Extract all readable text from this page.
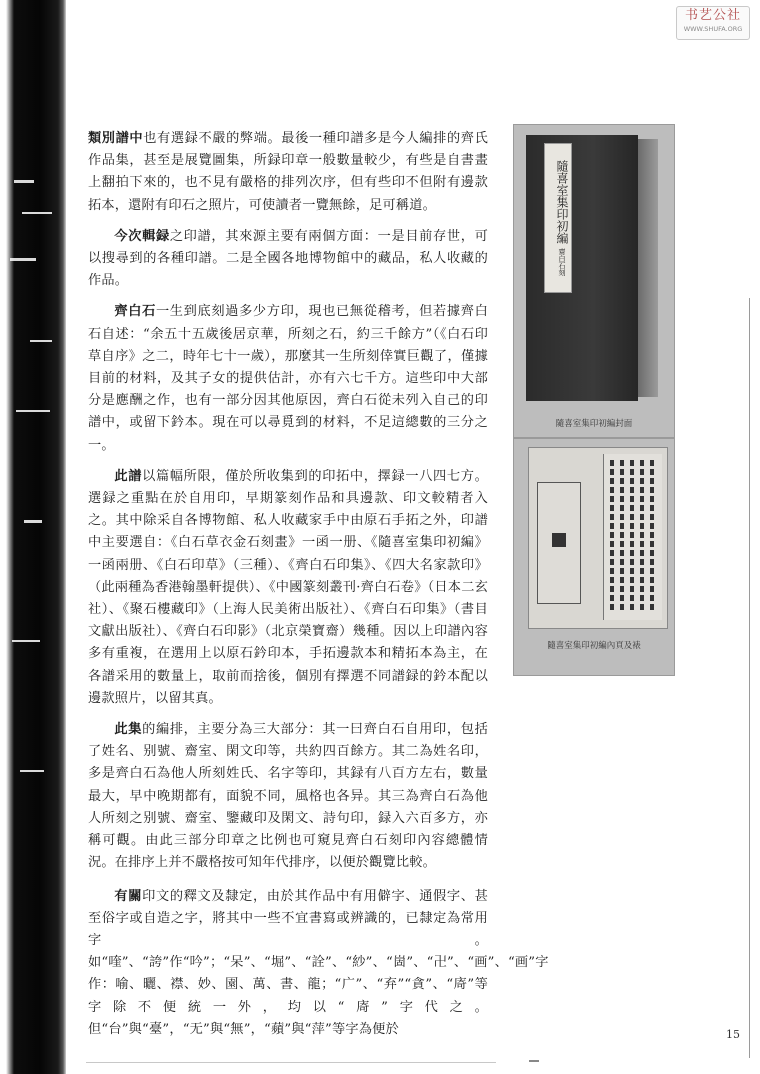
书艺公社
WWW.SHUFA.ORG

類別譜中也有選録不嚴的弊端。最後一種印譜多是今人編排的齊氏作品集，甚至是展覽圖集，所録印章一般數量較少，有些是自書畫上翻拍下來的，也不見有嚴格的排列次序，但有些印不但附有邊款拓本，還附有印石之照片，可使讀者一覽無餘，足可稱道。

今次輯録之印譜，其來源主要有兩個方面：一是目前存世，可以搜尋到的各種印譜。二是全國各地博物館中的藏品，私人收藏的作品。

齊白石一生到底刻過多少方印，現也已無從稽考，但若據齊白石自述：“余五十五歲後居京華，所刻之石，約三千餘方”（《白石印草自序》之二，時年七十一歲），那麼其一生所刻倖實巨觀了，僅據目前的材料，及其子女的提供估計，亦有六七千方。這些印中大部分是應酬之作，也有一部分因其他原因，齊白石從未列入自己的印譜中，或留下鈐本。現在可以尋覓到的材料，不足這總數的三分之一。

此譜以篇幅所限，僅於所收集到的印拓中，擇録一八四七方。選録之重點在於自用印，早期篆刻作品和具邊款、印文較精者入之。其中除采自各博物館、私人收藏家手中由原石手拓之外，印譜中主要選自：《白石草衣金石刻畫》一函一册、《隨喜室集印初編》一函兩册、《白石印草》（三種）、《齊白石印集》、《四大名家款印》（此兩種為香港翰墨軒提供）、《中國篆刻叢刊·齊白石卷》（日本二玄社）、《聚石樓藏印》（上海人民美術出版社）、《齊白石印集》（書目文獻出版社）、《齊白石印影》（北京榮寶齋）幾種。因以上印譜內容多有重複，在選用上以原石鈐印本，手拓邊款本和精拓本為主，在各譜采用的數量上，取前而捨後，個別有擇選不同譜録的鈐本配以邊款照片，以留其真。

此集的編排，主要分為三大部分：其一曰齊白石自用印，包括了姓名、别號、齋室、閑文印等，共約四百餘方。其二為姓名印，多是齊白石為他人所刻姓氏、名字等印，其録有八百方左右，數量最大，早中晚期都有，面貌不同，風格也各异。其三為齊白石為他人所刻之别號、齋室、鑒藏印及閑文、詩句印，録入六百多方，亦稱可觀。由此三部分印章之比例也可窺見齊白石刻印內容總體情況。在排序上并不嚴格按可知年代排序，以便於觀覽比較。

有關印文的釋文及隸定，由於其作品中有用僻字、通假字、甚至俗字或自造之字，將其中一些不宜書寫或辨識的，已隸定為常用字。如“喹”、“誇”作“吟”；“呆”、“堀”、“詮”、“紗”、“崮”、“卍”、“画”、“画”字作：喻、曬、襟、妙、園、萬、書、龍；“广”、“弃”“貪”、“㢊”等字除不便統一外，均以“㢊”字代之。但“台”與“臺”，“无”與“無”，“蘋”與“萍”等字為便於

隨喜室集印初編 齋白石刻
隨喜室集印初編封面
隨喜室集印初編內頁及裱
15
